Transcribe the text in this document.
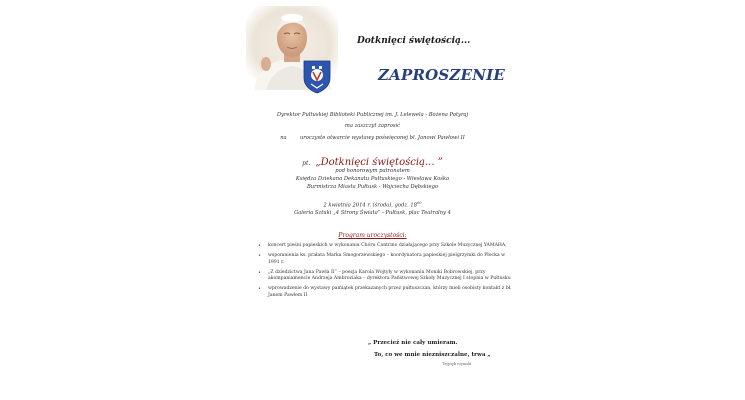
Dotknięci świętością...
ZAPROSZENIE
Dyrektor Pułtuskiej Biblioteki Publicznej im. J. Lelewela - Bożena Potyraj
ma zaszczyt zaprosić
na	uroczyste otwarcie wystawy poświęconej bl. Janowi Pawłowi II
pt. „Dotknięci świętością... ”
pod honorowym patronatem
Księdza Dziekana Dekanatu Pułtuskiego - Wiesława Kośka
Burmistrza Miasta Pułtusk - Wojciecha Dębskiego
2 kwietnia 2014 r. (środa), godz. $18^{00}$
Galeria Sztuki „4 Strony Świata” - Pułtusk, plac Teatralny 4
Program uroczystości:
• koncert pieśni papieskich w wykonaniu Chóru Cantrino działającego przy Szkole Muzycznej YAMAHA,
• wspomnienia ks. prałata Marka Smogorzewskiego – koordynatora papieskiej pielgrzymki do Płocka w 1991 r.
• „Z dziedzictwa Jana Pawła II” – poezja Karola Wojtyły w wykonaniu Moniki Bobrowskiej, przy akompaniamencie Andrzeja Ambroziaka – dyrektora Państwowej Szkoły Muzycznej I stopnia w Pułtusku
• wprowadzenie do wystawy pamiątek przekazanych przez pułtuszczan, którzy mieli osobisty kontakt z bł. Janem Pawłem II
„ Przecież nie cały umieram.
To, co we mnie niezniszczalne, trwa „
Tryptyk rzymski
